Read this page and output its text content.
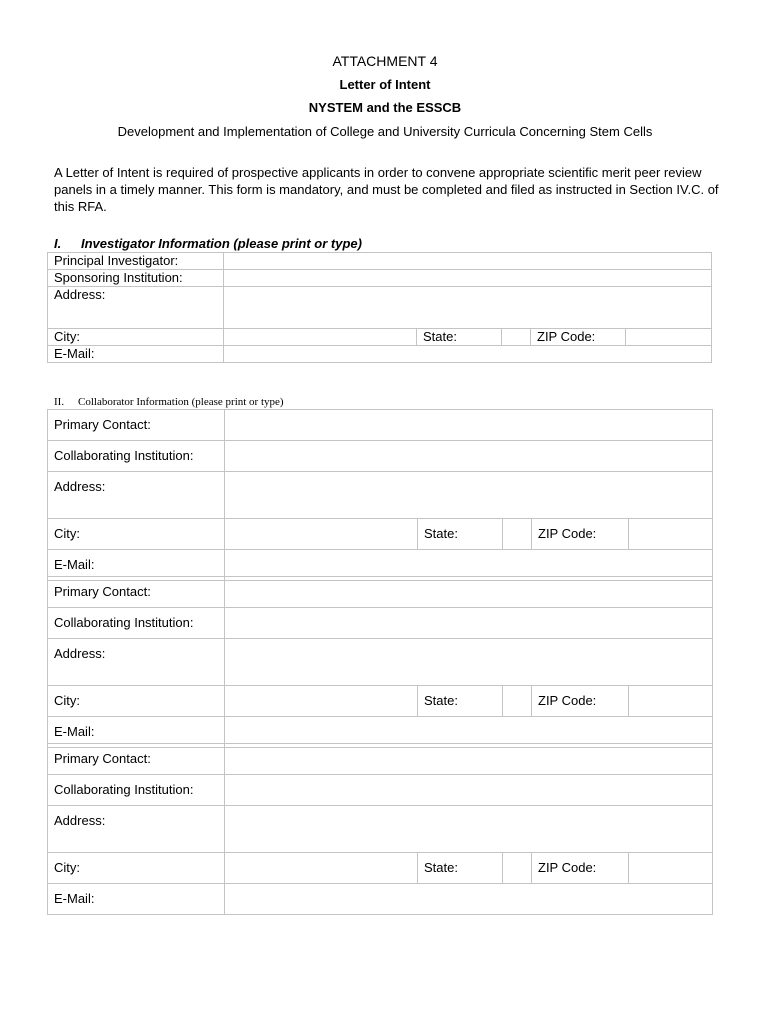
ATTACHMENT 4
Letter of Intent
NYSTEM and the ESSCB
Development and Implementation of College and University Curricula Concerning Stem Cells
A Letter of Intent is required of prospective applicants in order to convene appropriate scientific merit peer review panels in a timely manner. This form is mandatory, and must be completed and filed as instructed in Section IV.C. of this RFA.
I. Investigator Information (please print or type)
Principal Investigator:					
Sponsoring Institution:					
Address:					
City:		State:		ZIP Code:	
E-Mail:					
II. Collaborator Information (please print or type)
Primary Contact:					
Collaborating Institution:					
Address:					
City:		State:		ZIP Code:	
E-Mail:					
Primary Contact:					
Collaborating Institution:					
Address:					
City:		State:		ZIP Code:	
E-Mail:					
Primary Contact:					
Collaborating Institution:					
Address:					
City:		State:		ZIP Code:	
E-Mail:					
